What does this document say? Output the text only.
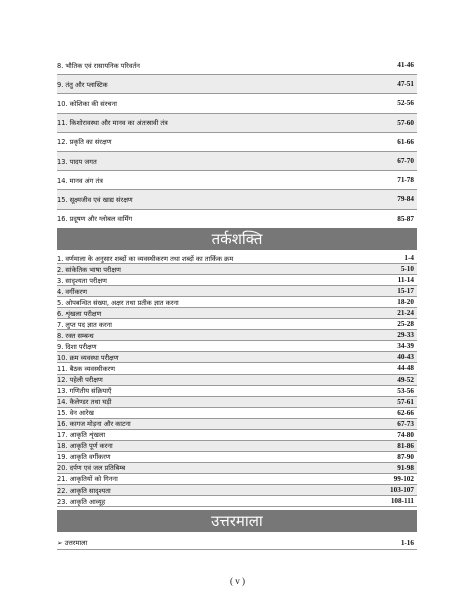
8. भौतिक एवं रासायनिक परिवर्तन	41-46
9. तंतु और प्लास्टिक	47-51
10. कोशिका की संरचना	52-56
11. किशोरावस्था और मानव का अंतःस्रावी तंत्र	57-60
12. प्रकृति का संरक्षण	61-66
13. पादप जगत	67-70
14. मानव अंग तंत्र	71-78
15. सूक्ष्मजीव एवं खाद्य संरक्षण	79-84
16. प्रदूषण और ग्लोबल वार्मिंग	85-87
तर्कशक्ति
1. वर्णमाला के अनुसार शब्दों का व्यवस्थीकरण तथा शब्दों का तार्किक क्रम	1-4
2. सांकेतिक भाषा परीक्षण	5-10
3. सादृश्यता परीक्षण	11-14
4. वर्गीकरण	15-17
5. ओपबन्धित संख्या, अक्षर तथा प्रतीक ज्ञात करना	18-20
6. शृंखला परीक्षण	21-24
7. लुप्त पद ज्ञात करना	25-28
8. रक्त सम्बन्ध	29-33
9. दिशा परीक्षण	34-39
10. क्रम व्यवस्था परीक्षण	40-43
11. बैठक व्यवस्थीकरण	44-48
12. पहेली परीक्षण	49-52
13. गणितीय संक्रियाएँ	53-56
14. कैलेण्डर तथा घड़ी	57-61
15. वेन आरेख	62-66
16. कागज मोड़ना और काटना	67-73
17. आकृति शृंखला	74-80
18. आकृति पूर्ण करना	81-86
19. आकृति वर्गीकरण	87-90
20. दर्पण एवं जल प्रतिबिम्ब	91-98
21. आकृतियों को गिनना	99-102
22. आकृति सादृश्यता	103-107
23. आकृति आव्यूह	108-111
उत्तरमाला
➢ उत्तरमाला	1-16
( v )
